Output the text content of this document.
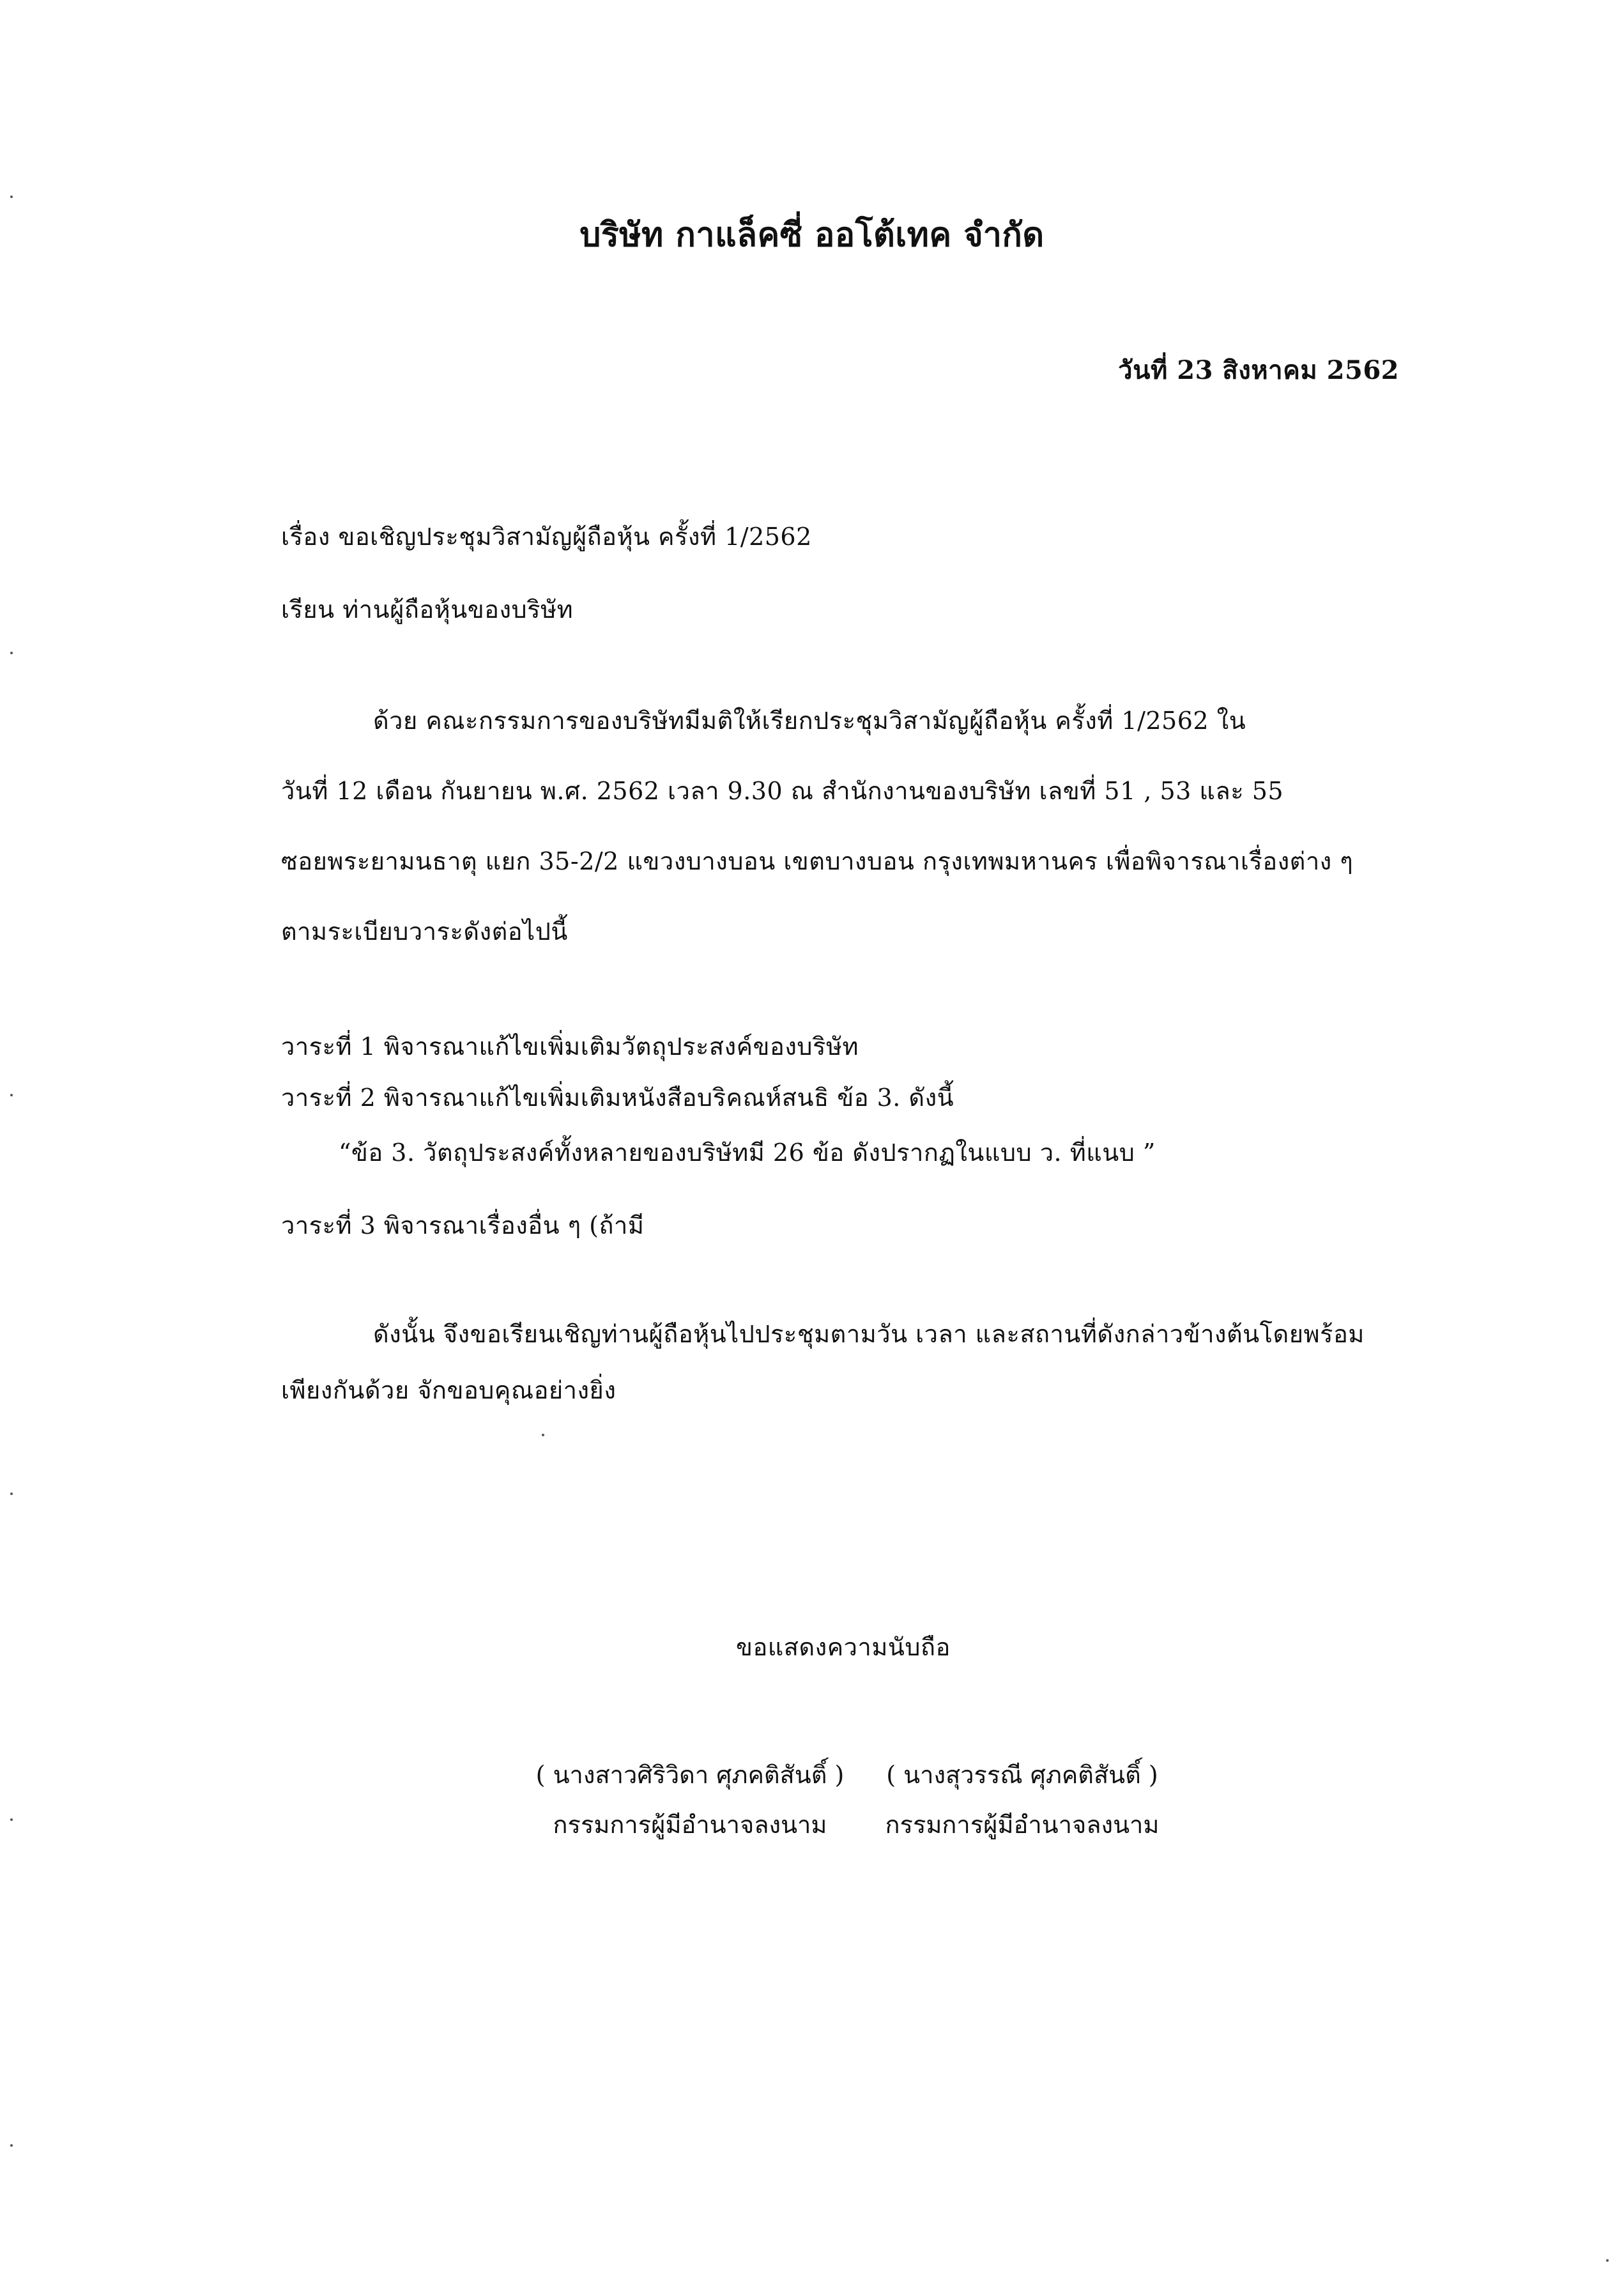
บริษัท กาแล็คซี่ ออโต้เทค จำกัด
วันที่ 23 สิงหาคม 2562
เรื่อง ขอเชิญประชุมวิสามัญผู้ถือหุ้น ครั้งที่ 1/2562
เรียน ท่านผู้ถือหุ้นของบริษัท
ด้วย คณะกรรมการของบริษัทมีมติให้เรียกประชุมวิสามัญผู้ถือหุ้น ครั้งที่ 1/2562 ใน
วันที่ 12 เดือน กันยายน พ.ศ. 2562 เวลา 9.30 ณ สำนักงานของบริษัท เลขที่ 51 , 53 และ 55
ซอยพระยามนธาตุ แยก 35-2/2 แขวงบางบอน เขตบางบอน กรุงเทพมหานคร เพื่อพิจารณาเรื่องต่าง ๆ
ตามระเบียบวาระดังต่อไปนี้
วาระที่ 1 พิจารณาแก้ไขเพิ่มเติมวัตถุประสงค์ของบริษัท
วาระที่ 2 พิจารณาแก้ไขเพิ่มเติมหนังสือบริคณห์สนธิ ข้อ 3. ดังนี้
“ข้อ 3. วัตถุประสงค์ทั้งหลายของบริษัทมี 26 ข้อ ดังปรากฏในแบบ ว. ที่แนบ ”
วาระที่ 3 พิจารณาเรื่องอื่น ๆ (ถ้ามี
ดังนั้น จึงขอเรียนเชิญท่านผู้ถือหุ้นไปประชุมตามวัน เวลา และสถานที่ดังกล่าวข้างต้นโดยพร้อม
เพียงกันด้วย จักขอบคุณอย่างยิ่ง
ขอแสดงความนับถือ
( นางสาวศิริวิดา ศุภคติสันติ์ )
กรรมการผู้มีอำนาจลงนาม
( นางสุวรรณี ศุภคติสันติ์ )
กรรมการผู้มีอำนาจลงนาม
